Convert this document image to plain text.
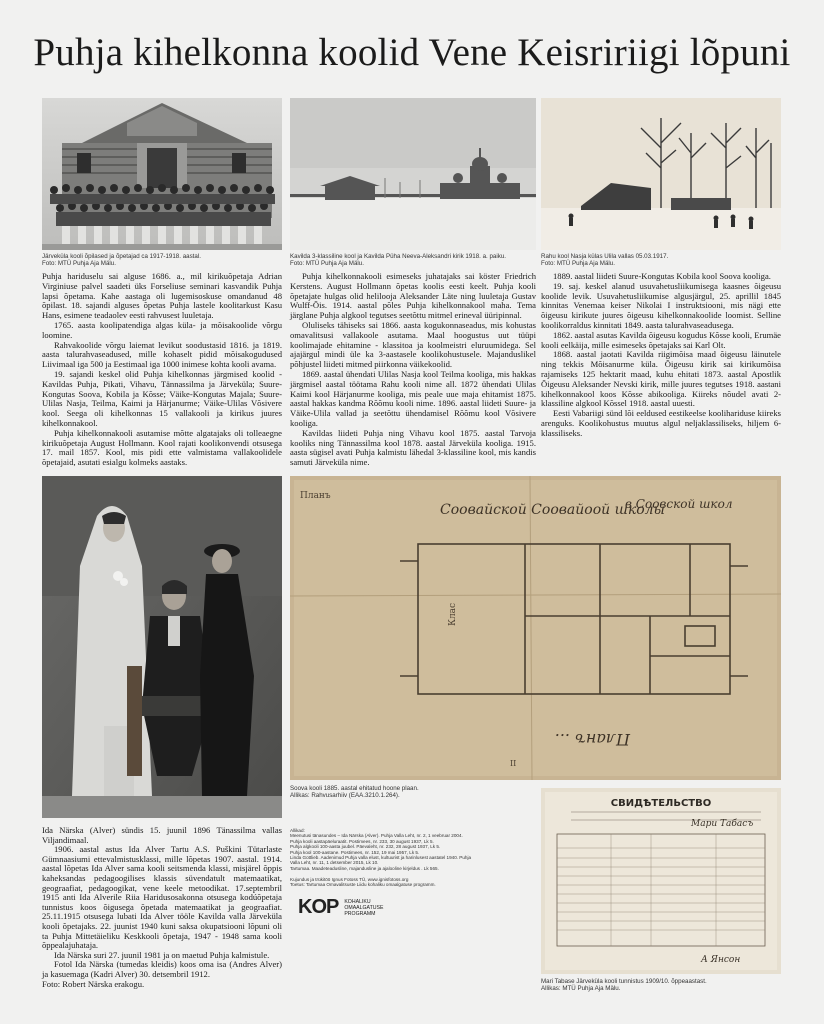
Puhja kihelkonna koolid Vene Keisririigi lõpuni
Järveküla kooli õpilased ja õpetajad ca 1917-1918. aastal.
Foto: MTÜ Puhja Aja Mälu.
Kavilda 3-klassiline kool ja Kavilda Püha Neeva-Aleksandri kirik 1918. a. paiku.
Foto: MTÜ Puhja Aja Mälu.
Rahu kool Nasja külas Ulila vallas 05.03.1917.
Foto: MTÜ Puhja Aja Mälu.

Puhja hariduselu sai alguse 1686. a., mil kirikuõpetaja Adrian Virginiuse palvel saadeti üks Forseliuse seminari kasvandik Puhja lapsi õpetama. Kahe aastaga oli lugemisoskuse omandanud 48 õpilast. 18. sajandi alguses õpetas Puhja lastele koolitarkust Kasu Hans, esimene teadaolev eesti rahvusest luuletaja.

1765. aasta koolipatendiga algas küla- ja mõisakoolide võrgu loomine.

Rahvakoolide võrgu laiemat levikut soodustasid 1816. ja 1819. aasta talurahvaseadused, mille kohaselt pidid mõisakogudused Liivimaal iga 500 ja Eestimaal iga 1000 inimese kohta kooli avama.

19. sajandi keskel olid Puhja kihelkonnas järgmised koolid - Kavildas Puhja, Pikati, Vihavu, Tännassilma ja Järveküla; Suure-Kongutas Soova, Kobila ja Kõsse; Väike-Kongutas Majala; Suure-Ulilas Nasja, Teilma, Kaimi ja Härjanurme; Väike-Ulilas Võsivere kool. Seega oli kihelkonnas 15 vallakooli ja kirikus juures kihelkonnakool.

Puhja kihelkonnakooli asutamise mõtte algatajaks oli tolleaegne kirikuõpetaja August Hollmann. Kool rajati koolikonvendi otsusega 17. mail 1857. Kool, mis pidi ette valmistama vallakoolidele õpetajaid, asutati esialgu kolmeks aastaks.

Puhja kihelkonnakooli esimeseks juhatajaks sai köster Friedrich Kerstens. August Hollmann õpetas koolis eesti keelt. Puhja kooli õpetajate hulgas olid heliloojа Aleksander Läte ning luuletaja Gustav Wulff-Õis. 1914. aastal põles Puhja kihelkonnakool maha. Tema järglane Puhja algkool tegutses seetõttu mitmel erineval üüripinnal.

Oluliseks tähiseks sai 1866. aasta kogukonnaseadus, mis kohustas omavalitsusi vallakoole asutama. Maal hoogustus uut tüüpi koolimajade ehitamine - klassitoa ja koolmeistri eluruumidega. Sel ajajärgul mindi üle ka 3-aastasele koolikohustusele. Majanduslikel põhjustel liideti mitmed piirkonna väikekoolid.

1869. aastal ühendati Ulilas Nasja kool Teilma kooliga, mis hakkas järgmisel aastal töötama Rahu kooli nime all. 1872 ühendati Ulilas Kaimi kool Härjanurme kooliga, mis peale uue maja ehitamist 1875. aastal hakkas kandma Rõõmu kooli nime. 1896. aastal liideti Suure- ja Väike-Ulila vallad ja seetõttu ühendamisel Rõõmu kool Võsivere kooliga.

Kavildas liideti Puhja ning Vihavu kool 1875. aastal Tarvoja kooliks ning Tännassilma kool 1878. aastal Järveküla kooliga. 1915. aasta sügisel avati Puhja kalmistu lähedal 3-klassiline kool, mis kandis samuti Järveküla nime.

1889. aastal liideti Suure-Kongutas Kobila kool Soova kooliga.

19. saj. keskel alanud usuvahetusliikumisega kaasnes õigeusu koolide levik. Usuvahetusliikumise algusjärgul, 25. aprillil 1845 kinnitas Venemaa keiser Nikolai I instruktsiooni, mis nägi ette õigeusu kirikute juures õigeusu kihelkonnakoolide loomist. Selline koolikorraldus kinnitati 1849. aasta talurahvaseadusega.

1862. aastal asutas Kavilda õigeusu kogudus Kõsse kooli, Erumäe kooli eelkäija, mille esimeseks õpetajaks sai Karl Olt.

1868. aastal jaotati Kavilda riigimõisa maad õigeusu läinutele ning tekkis Mõisanurme küla. Õigeusu kirik sai kirikumõisa rajamiseks 125 hektarit maad, kuhu ehitati 1873. aastal Apostlik Õigeusu Aleksander Nevski kirik, mille juures tegutses 1918. aastani kihelkonnakool koos Kõsse abikooliga. Kiireks nõudel avati 2-klassiline algkool Kõssel 1918. aastal uuesti.

Eesti Vabariigi sünd lõi eeldused eestikeelse koolihariduse kiireks arenguks. Koolikohustus muutus algul neljaklassiliseks, hiljem 6-klassiliseks.

Ida Närska (Alver) sündis 15. juunil 1896 Tänassilma vallas Viljandimaal.

1906. aastal astus Ida Alver Tartu A.S. Puškini Tütarlaste Gümnaasiumi ettevalmistusklassi, mille lõpetas 1907. aastal. 1914. aastal lõpetas Ida Alver sama kooli seitsmenda klassi, misjärel õppis kaheksandas pedagoogilises klassis süvendatult matemaatikat, geograafiat, pedagoogikat, vene keele metoodikat. 17.septembril 1915 anti Ida Alverile Riia Haridusosakonna otsusega kodúõpetaja tunnistus koos õigusega õpetada matemaatikat ja geograafiat. 25.11.1915 otsusega lubati Ida Alver tööle Kavilda valla Järveküla kooli õpetajaks. 22. juunist 1940 kuni saksa okupatsiooni lõpuni oli ta Puhja Mittetäieliku Keskkooli õpetaja, 1947 - 1948 sama kooli õppealajuhataja.

Ida Närska suri 27. juunil 1981 ja on maetud Puhja kalmistule.

Fotol Ida Närska (tumedas kleidis) koos oma isa (Andres Alver) ja kasuemaga (Kadri Alver) 30. detsembril 1912.

Foto: Robert Närska erakogu.

Планъ
Соовайской Соовайоой школы
в Соовской школ
Клас
Планъ ...
II
Soova kooli 1885. aastal ehitatud hoone plaan.
Allikas: Rahvusarhiiv (EAA.3210.1.264).
Allikad:
Meenutusi tänasundes – Ida Närska (Alver). Puhja Valla Leht, nr. 2, 1 veebruar 2004.
Puhja kooli aastapäeluraatit. Postimees, nr. 233, 30 august 1937, Lk 5.
Puhja algkooli 100-aasta juubel. Päevaleht, nr. 232, 28 august 1937, Lk 5.
Puhja kool 100-aastane. Postimees, nr. 152, 19 mai 1957, Lk 5.
Linda Gottlieb. Aadenimud Puhja valla elust, kultuurist ja harinlusest aastatel 1940. Puhja Valla Leht, nr. 11, 1 detsember 2015, Lk 10.
Tartumaa. Maadeteadusline, majandusline ja ajalooline kirjeldus . Lk 565.

Kujundus ja trükitöö Ignus Fotoss TÜ, www.ignisfotoss.org
Toetus: Tartumaa Omavalitsuste Liidu kohaliku omaalgatuse programm.
KOP KOHALIKU
OMAALGATUSE
PROGRAMM
СВИДѢТЕЛЬСТВО
Мари Табасъ
А Янсон
Mari Tabase Järveküla kooli tunnistus 1909/10. õppeaastast.
Allikas: MTÜ Puhja Aja Mälu.
